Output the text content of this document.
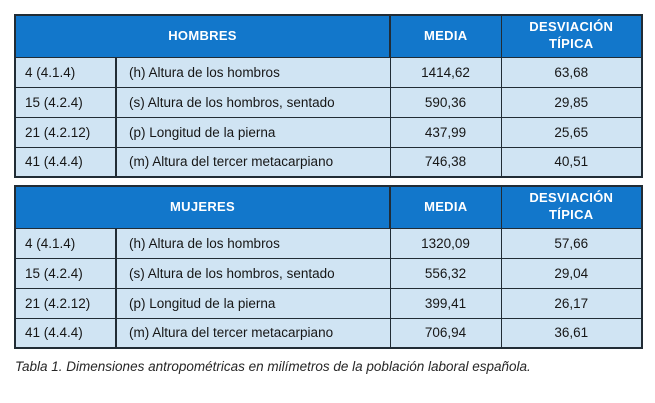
HOMBRES		MEDIA	DESVIACIÓN TÍPICA
4 (4.1.4)	(h) Altura de los hombros	1414,62	63,68
15 (4.2.4)	(s) Altura de los hombros, sentado	590,36	29,85
21 (4.2.12)	(p) Longitud de la pierna	437,99	25,65
41 (4.4.4)	(m) Altura del tercer metacarpiano	746,38	40,51
MUJERES		MEDIA	DESVIACIÓN TÍPICA
4 (4.1.4)	(h) Altura de los hombros	1320,09	57,66
15 (4.2.4)	(s) Altura de los hombros, sentado	556,32	29,04
21 (4.2.12)	(p) Longitud de la pierna	399,41	26,17
41 (4.4.4)	(m) Altura del tercer metacarpiano	706,94	36,61

Tabla 1. Dimensiones antropométricas en milímetros de la población laboral española.
